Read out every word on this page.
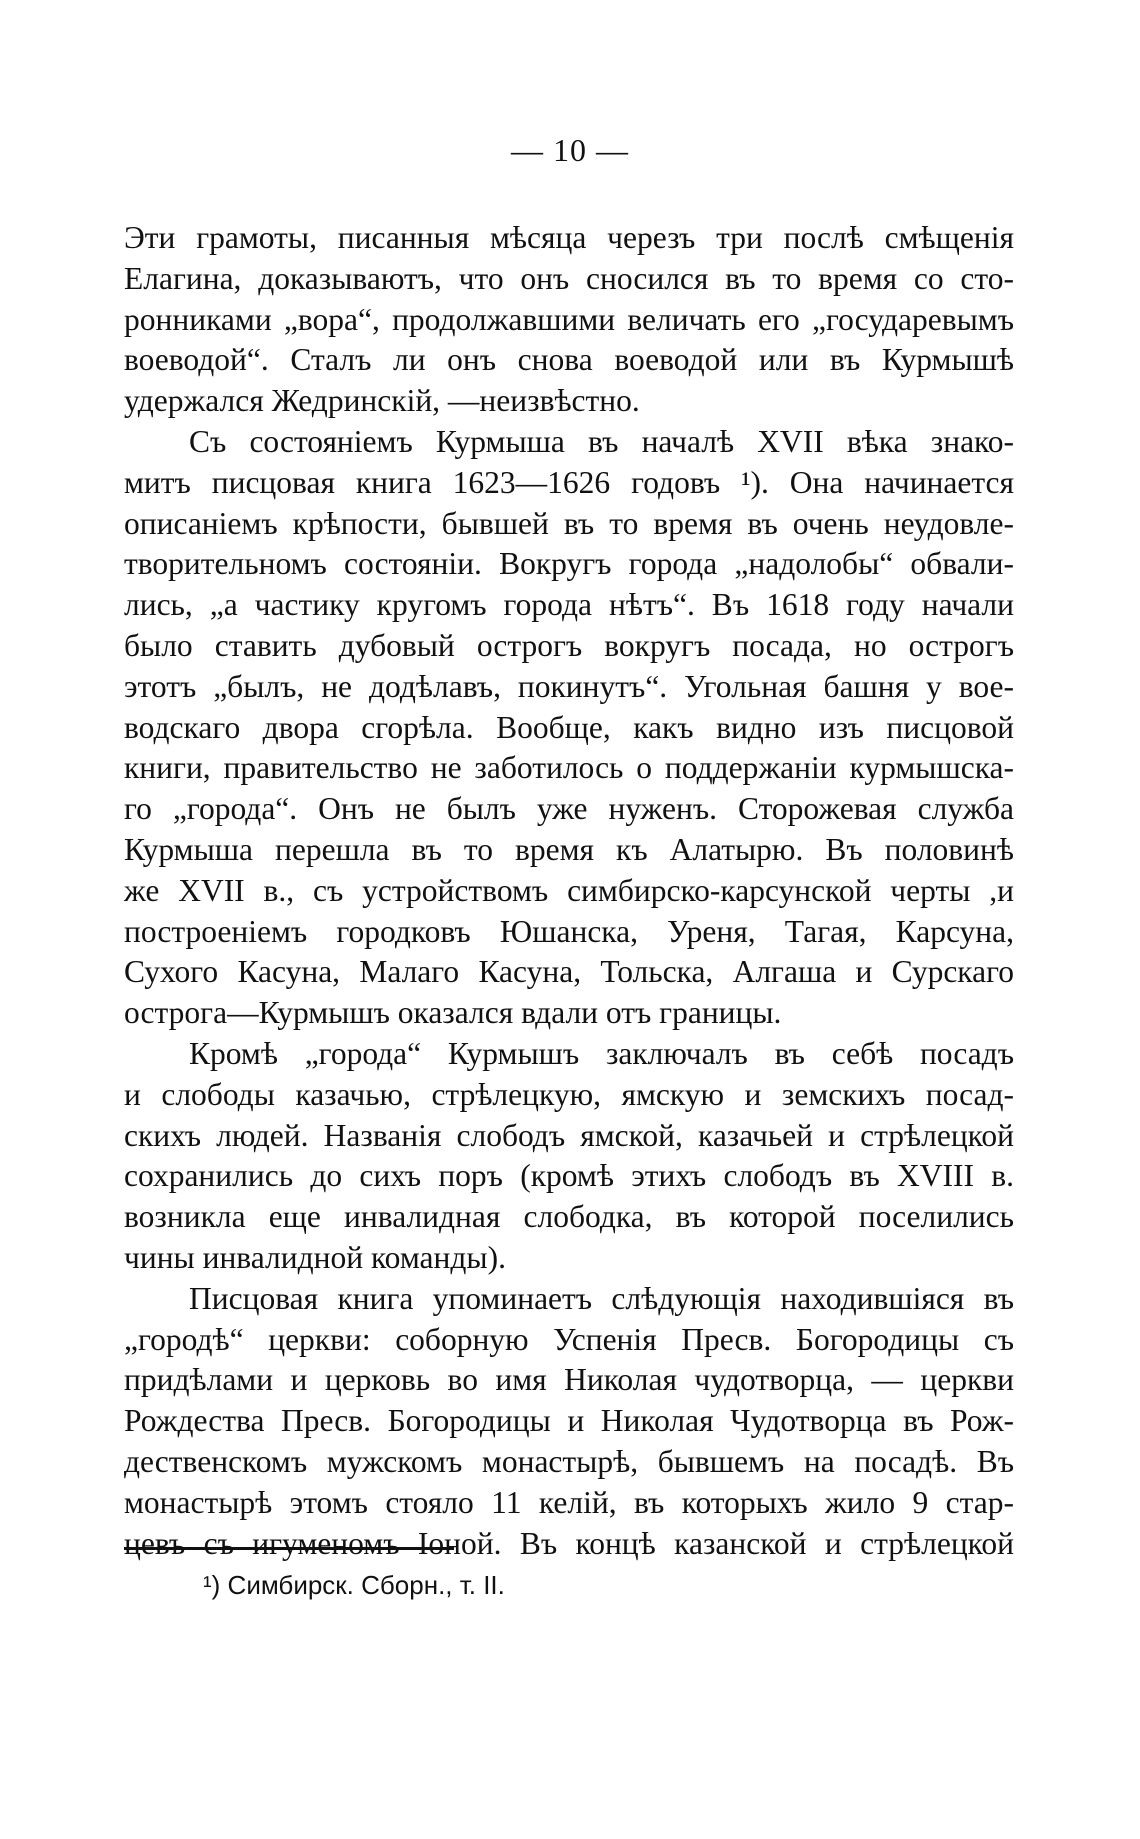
— 10 —

Эти грамоты, писанныя мѣсяца черезъ три послѣ смѣщенія
Елагина, доказываютъ, что онъ сносился въ то время со сто-
ронниками „вора“, продолжавшими величать его „государевымъ
воеводой“. Сталъ ли онъ снова воеводой или въ Курмышѣ
удержался Жедринскій, —неизвѣстно.

Съ состояніемъ Курмыша въ началѣ XVII вѣка знако-
митъ писцовая книга 1623—1626 годовъ ¹). Она начинается
описаніемъ крѣпости, бывшей въ то время въ очень неудовле-
творительномъ состояніи. Вокругъ города „надолобы“ обвали-
лись, „а частику кругомъ города нѣтъ“. Въ 1618 году начали
было ставить дубовый острогъ вокругъ посада, но острогъ
этотъ „былъ, не додѣлавъ, покинутъ“. Угольная башня у вое-
водскаго двора сгорѣла. Вообще, какъ видно изъ писцовой
книги, правительство не заботилось о поддержаніи курмышска-
го „города“. Онъ не былъ уже нуженъ. Сторожевая служба
Курмыша перешла въ то время къ Алатырю. Въ половинѣ
же XVII в., съ устройствомъ симбирско-карсунской черты ,и
построеніемъ городковъ Юшанска, Уреня, Тагая, Карсуна,
Сухого Касуна, Малаго Касуна, Тольска, Алгаша и Сурскаго
острога—Курмышъ оказался вдали отъ границы.

Кромѣ „города“ Курмышъ заключалъ въ себѣ посадъ
и слободы казачью, стрѣлецкую, ямскую и земскихъ посад-
скихъ людей. Названія слободъ ямской, казачьей и стрѣлецкой
сохранились до сихъ поръ (кромѣ этихъ слободъ въ XVIII в.
возникла еще инвалидная слободка, въ которой поселились
чины инвалидной команды).

Писцовая книга упоминаетъ слѣдующія находившіяся въ
„городѣ“ церкви: соборную Успенія Пресв. Богородицы съ
придѣлами и церковь во имя Николая чудотворца, — церкви
Рождества Пресв. Богородицы и Николая Чудотворца въ Рож-
дественскомъ мужскомъ монастырѣ, бывшемъ на посадѣ. Въ
монастырѣ этомъ стояло 11 келій, въ которыхъ жило 9 стар-
цевъ съ игуменомъ Іоной. Въ концѣ казанской и стрѣлецкой

¹) Симбирск. Сборн., т. II.
